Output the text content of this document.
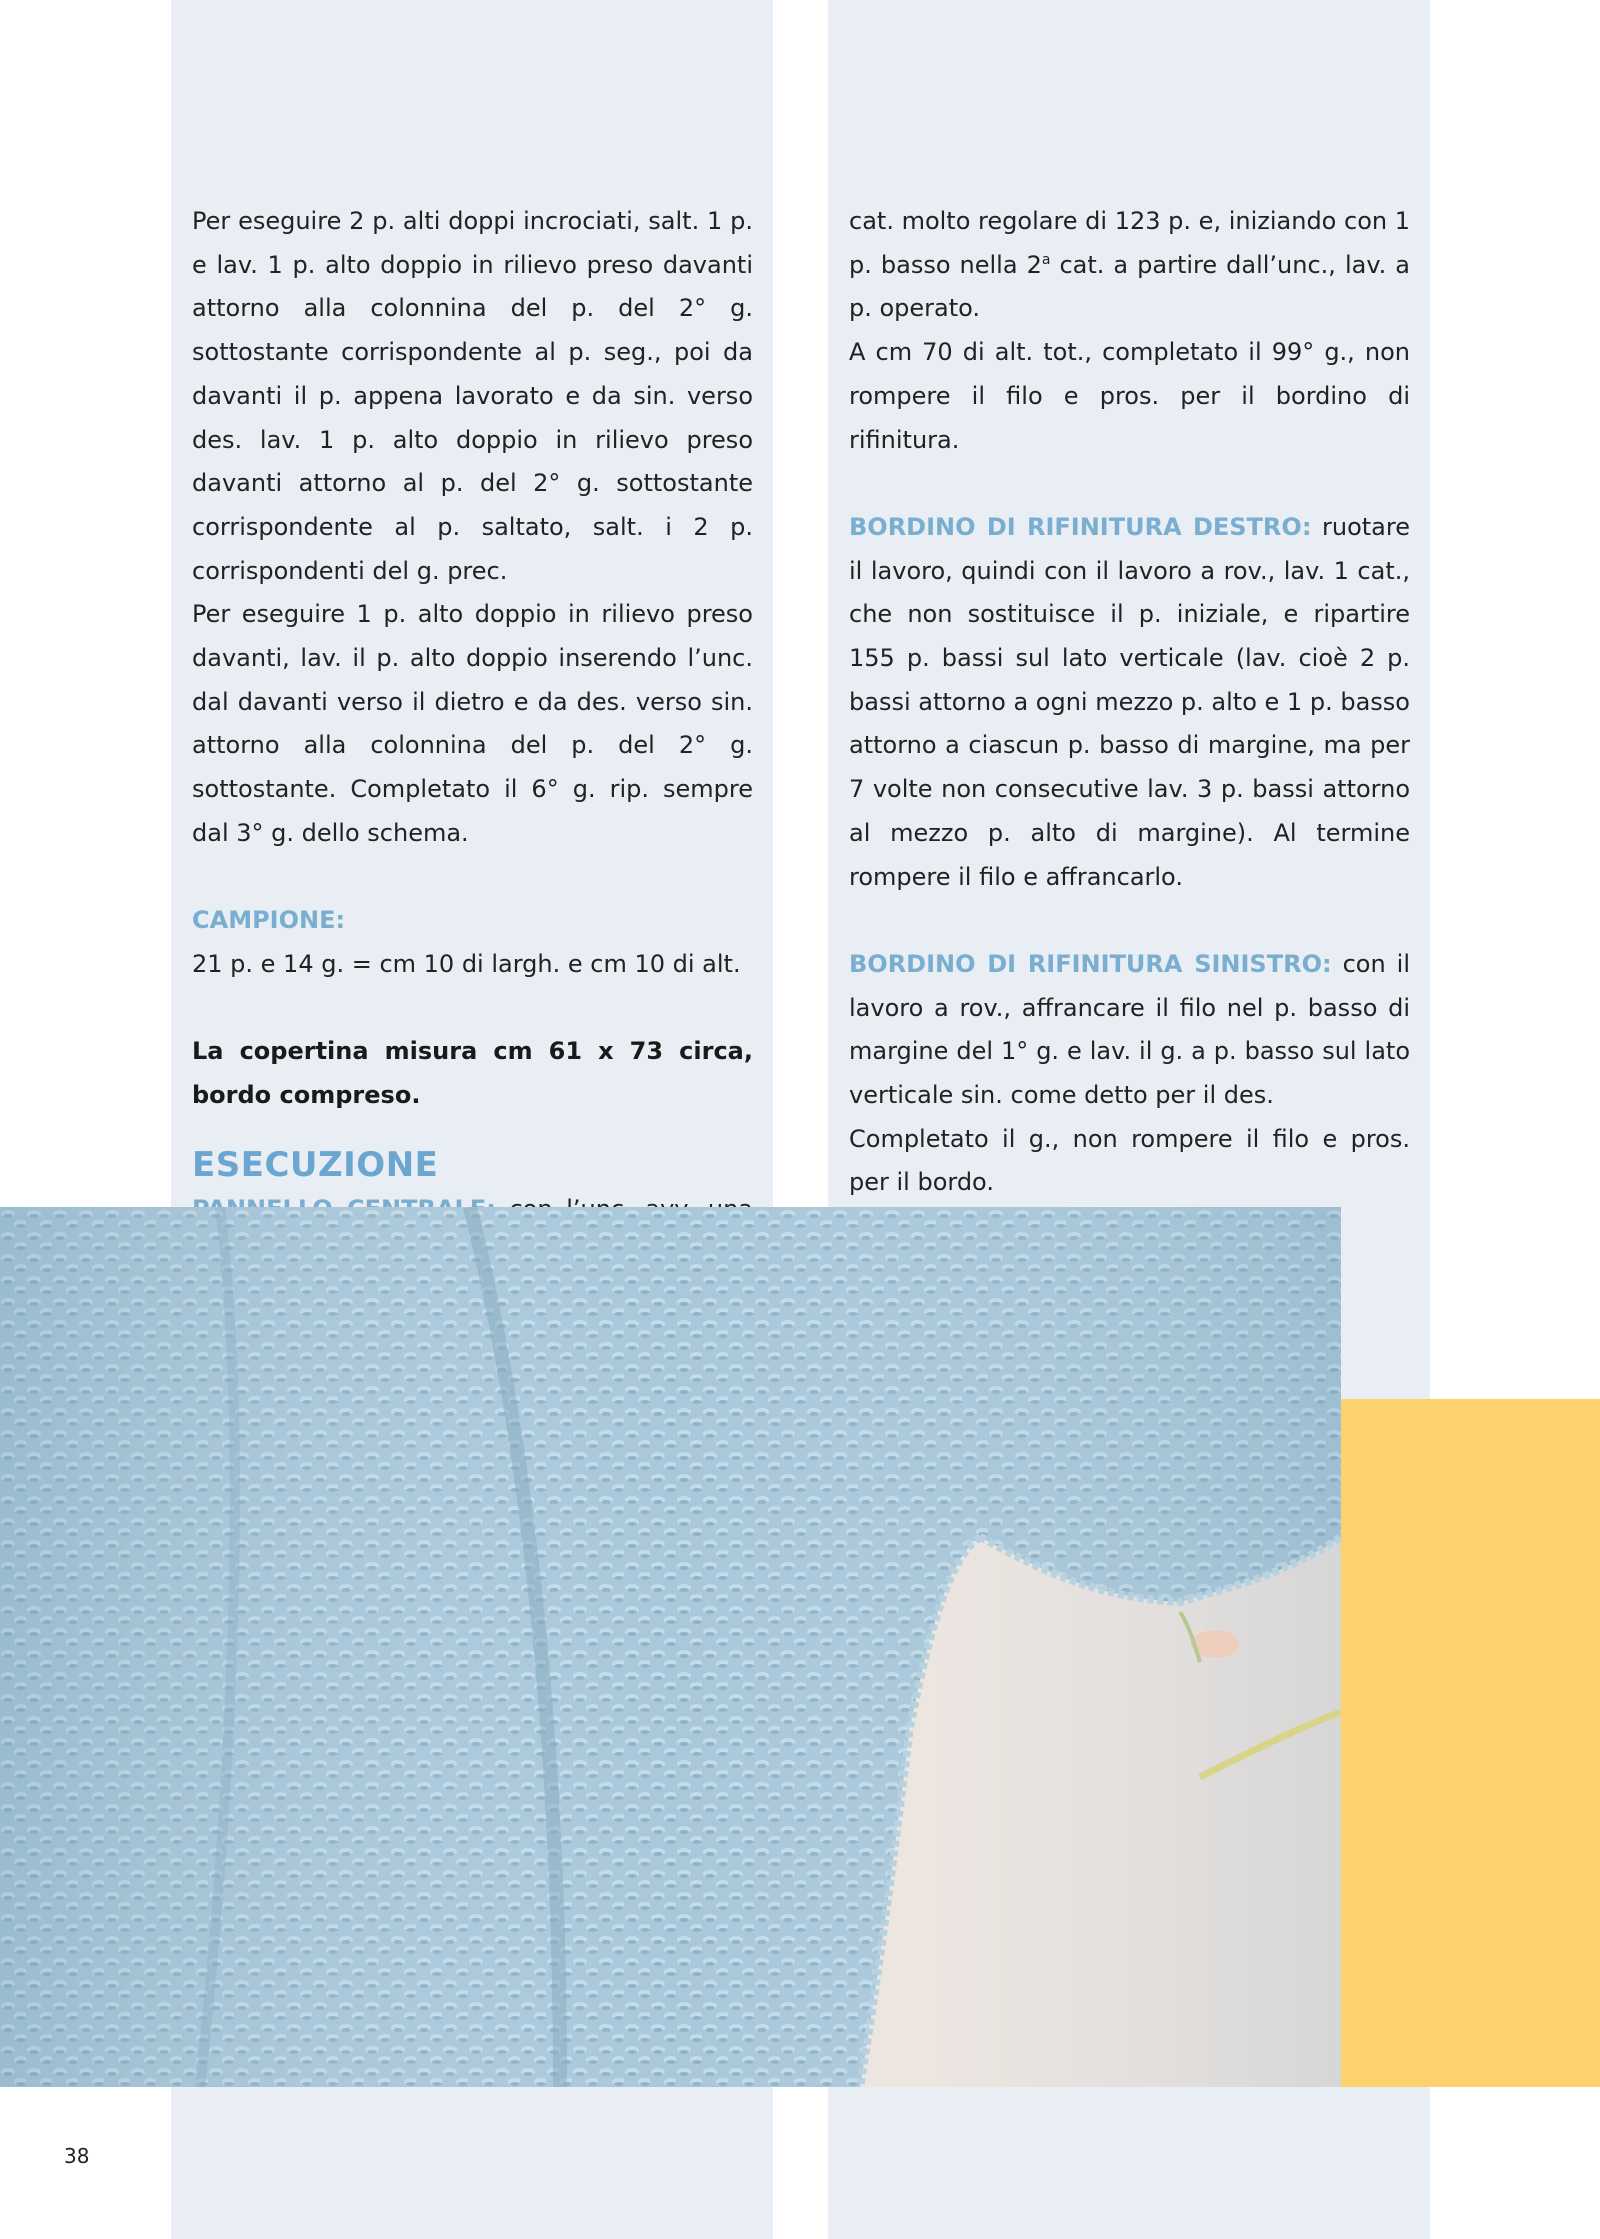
Per eseguire 2 p. alti doppi incrociati, salt. 1 p. e lav. 1 p. alto doppio in rilievo preso davanti attorno alla colonnina del p. del 2° g. sottostante corrispondente al p. seg., poi da davanti il p. appena lavorato e da sin. verso des. lav. 1 p. alto doppio in rilievo preso davanti attorno al p. del 2° g. sottostante corrispondente al p. saltato, salt. i 2 p. corrispondenti del g. prec.

Per eseguire 1 p. alto doppio in rilievo preso davanti, lav. il p. alto doppio inserendo l’unc. dal davanti verso il dietro e da des. verso sin. attorno alla colonnina del p. del 2° g. sottostante. Completato il 6° g. rip. sempre dal 3° g. dello schema.

CAMPIONE:

21 p. e 14 g. = cm 10 di largh. e cm 10 di alt.

La copertina misura cm 61 x 73 circa, bordo compreso.

ESECUZIONE

cat. molto regolare di 123 p. e, iniziando con 1 p. basso nella 2$^a$ cat. a partire dall’unc., lav. a p. operato.

A cm 70 di alt. tot., completato il 99° g., non rompere il filo e pros. per il bordino di rifinitura.

BORDINO DI RIFINITURA DESTRO: ruotare il lavoro, quindi con il lavoro a rov., lav. 1 cat., che non sostituisce il p. iniziale, e ripartire 155 p. bassi sul lato verticale (lav. cioè 2 p. bassi attorno a ogni mezzo p. alto e 1 p. basso attorno a ciascun p. basso di margine, ma per 7 volte non consecutive lav. 3 p. bassi attorno al mezzo p. alto di margine). Al termine rompere il filo e affrancarlo.

BORDINO DI RIFINITURA SINISTRO: con il lavoro a rov., affrancare il filo nel p. basso di margine del 1° g. e lav. il g. a p. basso sul lato verticale sin. come detto per il des.

Completato il g., non rompere il filo e pros. per il bordo.

38
